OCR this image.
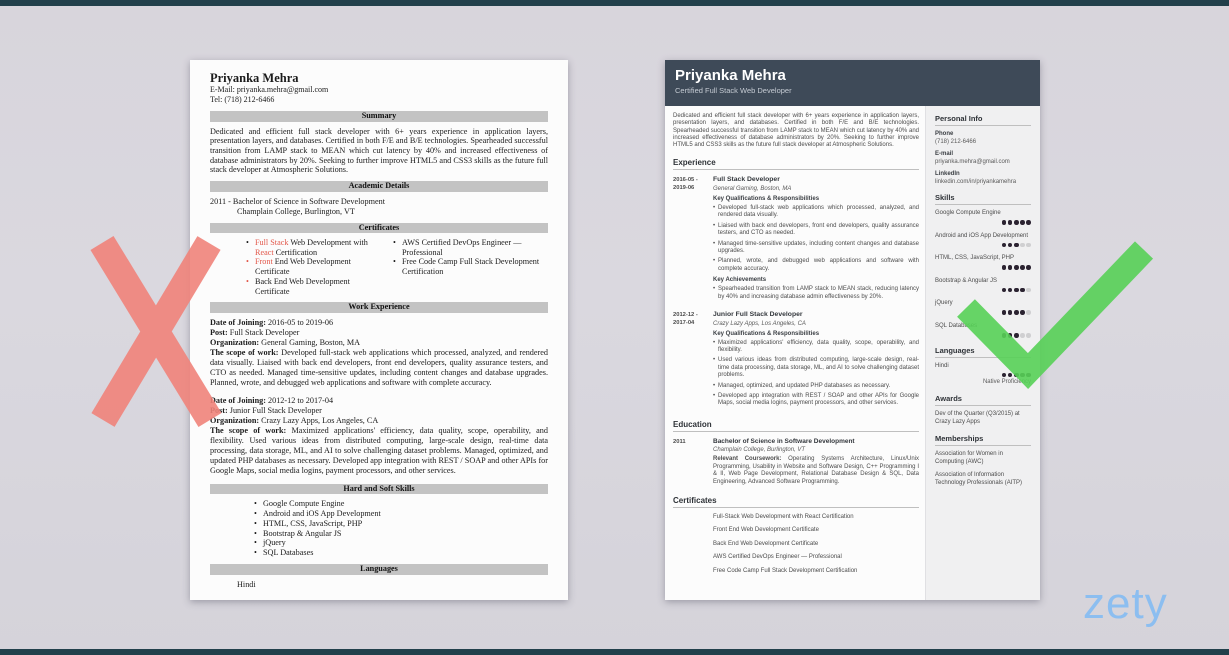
Priyanka Mehra
E-Mail: priyanka.mehra@gmail.com
Tel: (718) 212-6466
Summary

Dedicated and efficient full stack developer with 6+ years experience in application layers, presentation layers, and databases. Certified in both F/E and B/E technologies. Spearheaded successful transition from LAMP stack to MEAN which cut latency by 40% and increased effectiveness of database administrators by 20%. Seeking to further improve HTML5 and CSS3 skills as the future full stack developer at Atmospheric Solutions.

Academic Details

2011 - Bachelor of Science in Software Development

Champlain College, Burlington, VT

Certificates
• Full Stack Web Development with React Certification
• Front End Web Development Certificate
• Back End Web Development Certificate
• AWS Certified DevOps Engineer — Professional
• Free Code Camp Full Stack Development Certification
Work Experience

Date of Joining: 2016-05 to 2019-06

Post: Full Stack Developer

Organization: General Gaming, Boston, MA

The scope of work: Developed full-stack web applications which processed, analyzed, and rendered data visually. Liaised with back end developers, front end developers, quality assurance testers, and CTO as needed. Managed time-sensitive updates, including content changes and database upgrades. Planned, wrote, and debugged web applications and software with complete accuracy.

Date of Joining: 2012-12 to 2017-04

Post: Junior Full Stack Developer

Organization: Crazy Lazy Apps, Los Angeles, CA

The scope of work: Maximized applications' efficiency, data quality, scope, operability, and flexibility. Used various ideas from distributed computing, large-scale design, real-time data processing, data storage, ML, and AI to solve challenging dataset problems. Managed, optimized, and updated PHP databases as necessary. Developed app integration with REST / SOAP and other APIs for Google Maps, social media logins, payment processors, and other services.

Hard and Soft Skills
• Google Compute Engine
• Android and iOS App Development
• HTML, CSS, JavaScript, PHP
• Bootstrap & Angular JS
• jQuery
• SQL Databases
Languages
Hindi
Priyanka Mehra
Certified Full Stack Web Developer

Dedicated and efficient full stack developer with 6+ years experience in application layers, presentation layers, and databases. Certified in both F/E and B/E technologies. Spearheaded successful transition from LAMP stack to MEAN which cut latency by 40% and increased effectiveness of database administrators by 20%. Seeking to further improve HTML5 and CSS3 skills as the future full stack developer at Atmospheric Solutions.

Experience
2016-05 -
2019-06
Full Stack Developer
General Gaming, Boston, MA
Key Qualifications & Responsibilities
• Developed full-stack web applications which processed, analyzed, and rendered data visually.
• Liaised with back end developers, front end developers, quality assurance testers, and CTO as needed.
• Managed time-sensitive updates, including content changes and database upgrades.
• Planned, wrote, and debugged web applications and software with complete accuracy.
Key Achievements
• Spearheaded transition from LAMP stack to MEAN stack, reducing latency by 40% and increasing database admin effectiveness by 20%.
2012-12 -
2017-04
Junior Full Stack Developer
Crazy Lazy Apps, Los Angeles, CA
Key Qualifications & Responsibilities
• Maximized applications' efficiency, data quality, scope, operability, and flexibility.
• Used various ideas from distributed computing, large-scale design, real-time data processing, data storage, ML, and AI to solve challenging dataset problems.
• Managed, optimized, and updated PHP databases as necessary.
• Developed app integration with REST / SOAP and other APIs for Google Maps, social media logins, payment processors, and other services.
Education
2011	Bachelor of Science in Software Development
Champlain College, Burlington, VT
Relevant Coursework: Operating Systems Architecture, Linux/Unix Programming, Usability in Website and Software Design, C++ Programming I & II, Web Page Development, Relational Database Design & SQL, Data Engineering, Advanced Software Programming.
Certificates
Full-Stack Web Development with React Certification
Front End Web Development Certificate
Back End Web Development Certificate
AWS Certified DevOps Engineer — Professional
Free Code Camp Full Stack Development Certification
Personal Info
Phone
(718) 212-6466
E-mail
priyanka.mehra@gmail.com
LinkedIn
linkedin.com/in/priyankamehra
Skills
Google Compute Engine
Android and iOS App Development
HTML, CSS, JavaScript, PHP
Bootstrap & Angular JS
jQuery
SQL Databases
Languages
Hindi
Native Proficiency
Awards
Dev of the Quarter (Q3/2015) at Crazy Lazy Apps
Memberships
Association for Women in Computing (AWC)
Association of Information Technology Professionals (AITP)
zety
